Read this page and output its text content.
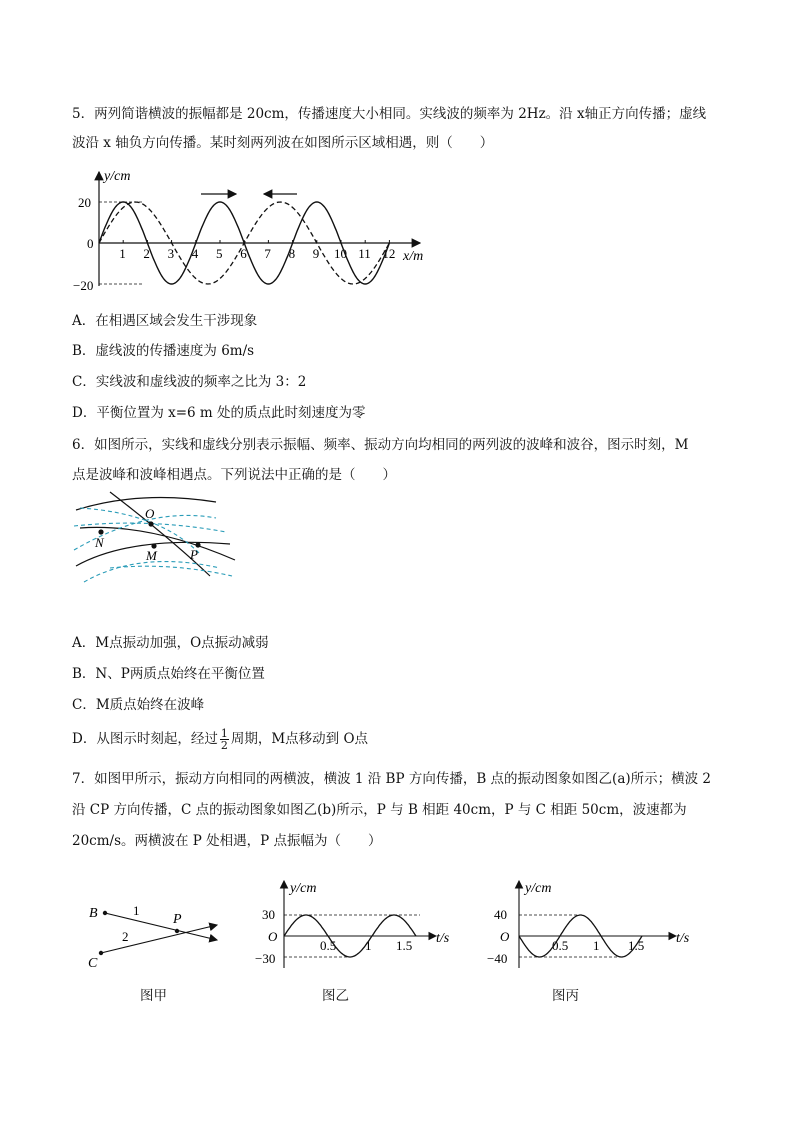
5．两列简谐横波的振幅都是 20cm，传播速度大小相同。实线波的频率为 2Hz。沿 x轴正方向传播；虚线
波沿 x 轴负方向传播。某时刻两列波在如图所示区域相遇，则（　　）
y/cm
x/m
20
0
−20
1 2 3 4 5 6 7 8 9 10 11 12
A．在相遇区域会发生干涉现象
B．虚线波的传播速度为 6m/s
C．实线波和虚线波的频率之比为 3：2
D．平衡位置为 x=6 m 处的质点此时刻速度为零
6．如图所示，实线和虚线分别表示振幅、频率、振动方向均相同的两列波的波峰和波谷，图示时刻，M
点是波峰和波峰相遇点。下列说法中正确的是（　　）
O
N
M	P
A．M点振动加强，O点振动减弱
B．N、P两质点始终在平衡位置
C．M质点始终在波峰
D．从图示时刻起，经过 $\frac{1}{2}$ 周期，M点移动到 O点
7．如图甲所示，振动方向相同的两横波，横波 1 沿 BP 方向传播，B 点的振动图象如图乙(a)所示；横波 2
沿 CP 方向传播，C 点的振动图象如图乙(b)所示，P 与 B 相距 40cm，P 与 C 相距 50cm，波速都为
20cm/s。两横波在 P 处相遇，P 点振幅为（　　）
B	1
P
2
C
图甲
y/cm
t/s
30
O
−30
0.5 1 1.5
图乙
y/cm
t/s
40
O
−40
0.5 1 1.5
图丙
